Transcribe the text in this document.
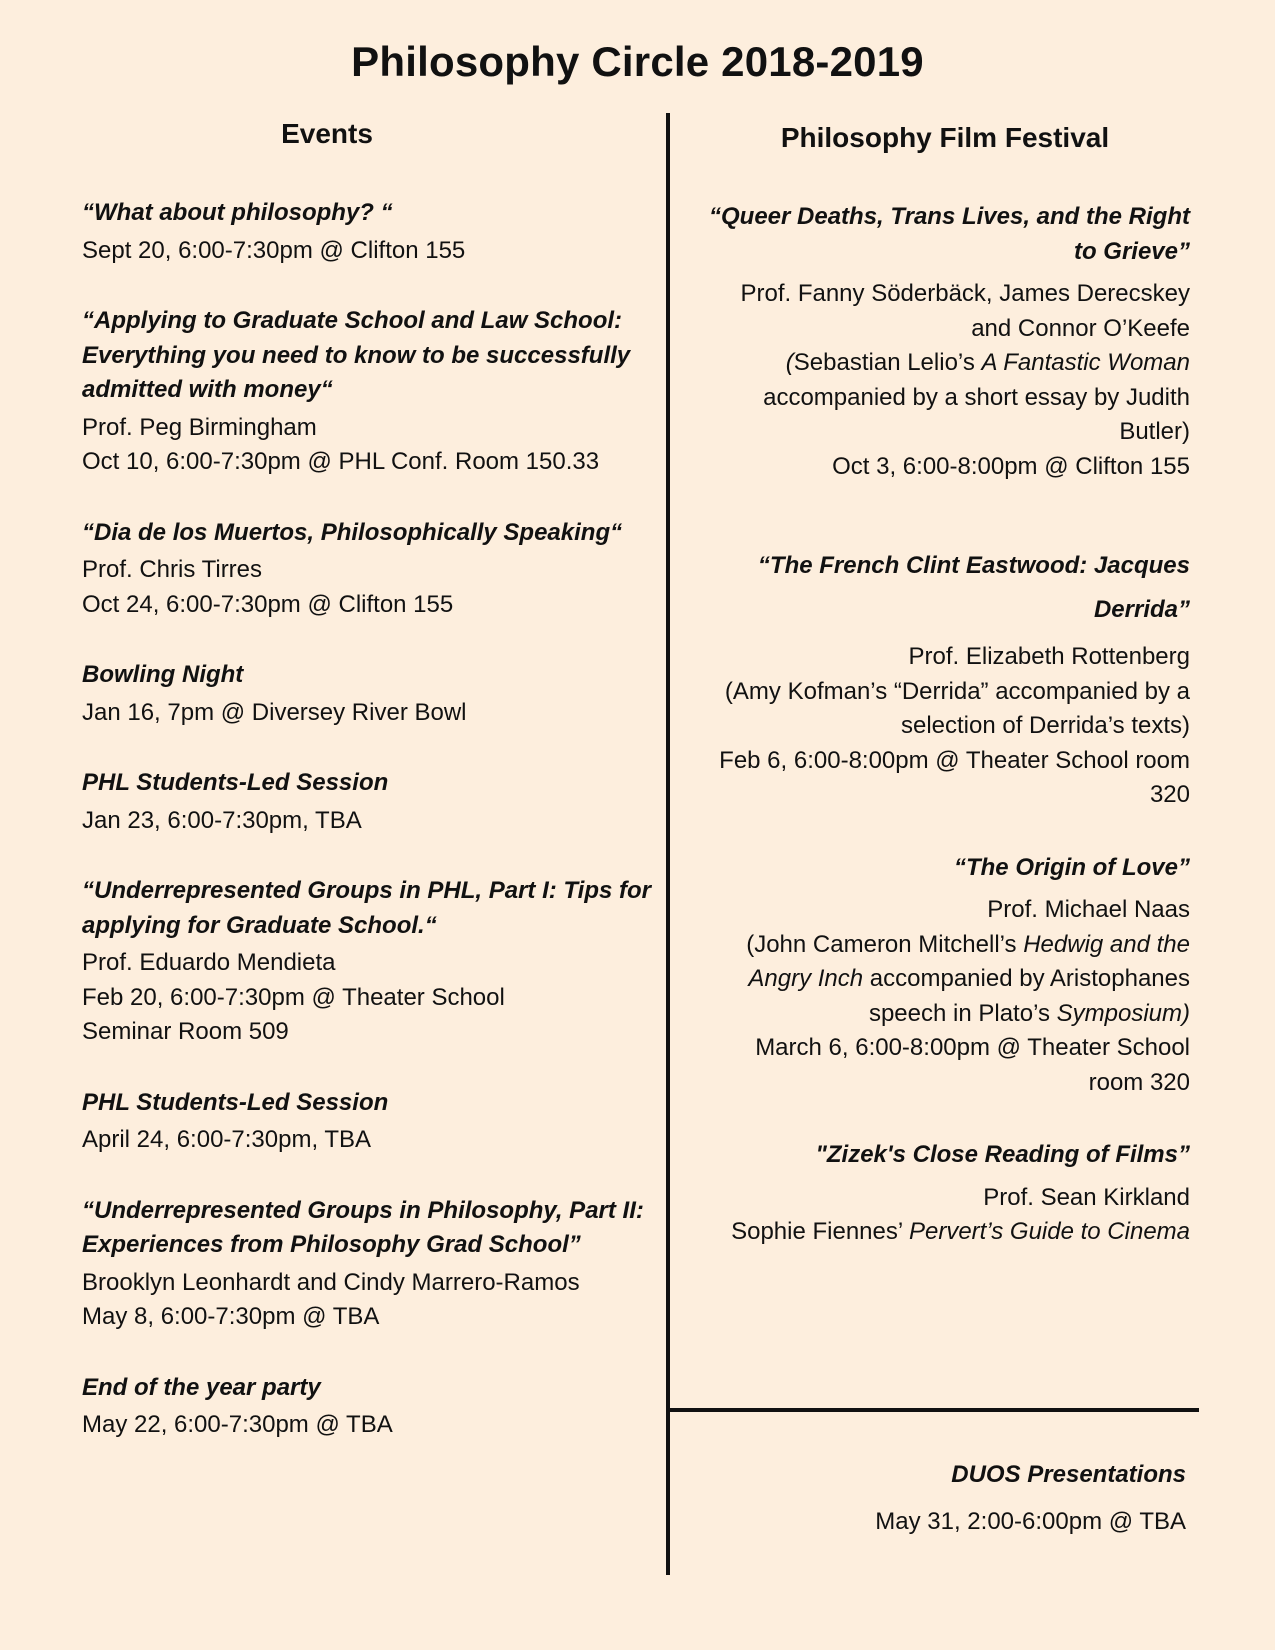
Philosophy Circle 2018-2019
Events
“What about philosophy? “
Sept 20, 6:00-7:30pm @ Clifton 155
“Applying to Graduate School and Law School: Everything you need to know to be successfully admitted with money“
Prof. Peg Birmingham
Oct 10, 6:00-7:30pm @ PHL Conf. Room 150.33
“Dia de los Muertos, Philosophically Speaking“
Prof. Chris Tirres
Oct 24, 6:00-7:30pm @ Clifton 155
Bowling Night
Jan 16, 7pm @ Diversey River Bowl
PHL Students-Led Session
Jan 23, 6:00-7:30pm, TBA
“Underrepresented Groups in PHL, Part I: Tips for applying for Graduate School.“
Prof. Eduardo Mendieta
Feb 20, 6:00-7:30pm @ Theater School
Seminar Room 509
PHL Students-Led Session
April 24, 6:00-7:30pm, TBA
“Underrepresented Groups in Philosophy, Part II: Experiences from Philosophy Grad School”
Brooklyn Leonhardt and Cindy Marrero-Ramos
May 8, 6:00-7:30pm @ TBA
End of the year party
May 22, 6:00-7:30pm @ TBA
Philosophy Film Festival
“Queer Deaths, Trans Lives, and the Right to Grieve”
Prof. Fanny Söderbäck, James Derecskey and Connor O’Keefe
(Sebastian Lelio’s A Fantastic Woman accompanied by a short essay by Judith Butler)
Oct 3, 6:00-8:00pm @ Clifton 155
“The French Clint Eastwood: Jacques Derrida”
Prof. Elizabeth Rottenberg
(Amy Kofman’s “Derrida” accompanied by a selection of Derrida’s texts)
Feb 6, 6:00-8:00pm @ Theater School room 320
“The Origin of Love”
Prof. Michael Naas
(John Cameron Mitchell’s Hedwig and the Angry Inch accompanied by Aristophanes speech in Plato’s Symposium)
March 6, 6:00-8:00pm @ Theater School room 320
"Zizek's Close Reading of Films”
Prof. Sean Kirkland
Sophie Fiennes’ Pervert’s Guide to Cinema
DUOS Presentations
May 31, 2:00-6:00pm @ TBA
